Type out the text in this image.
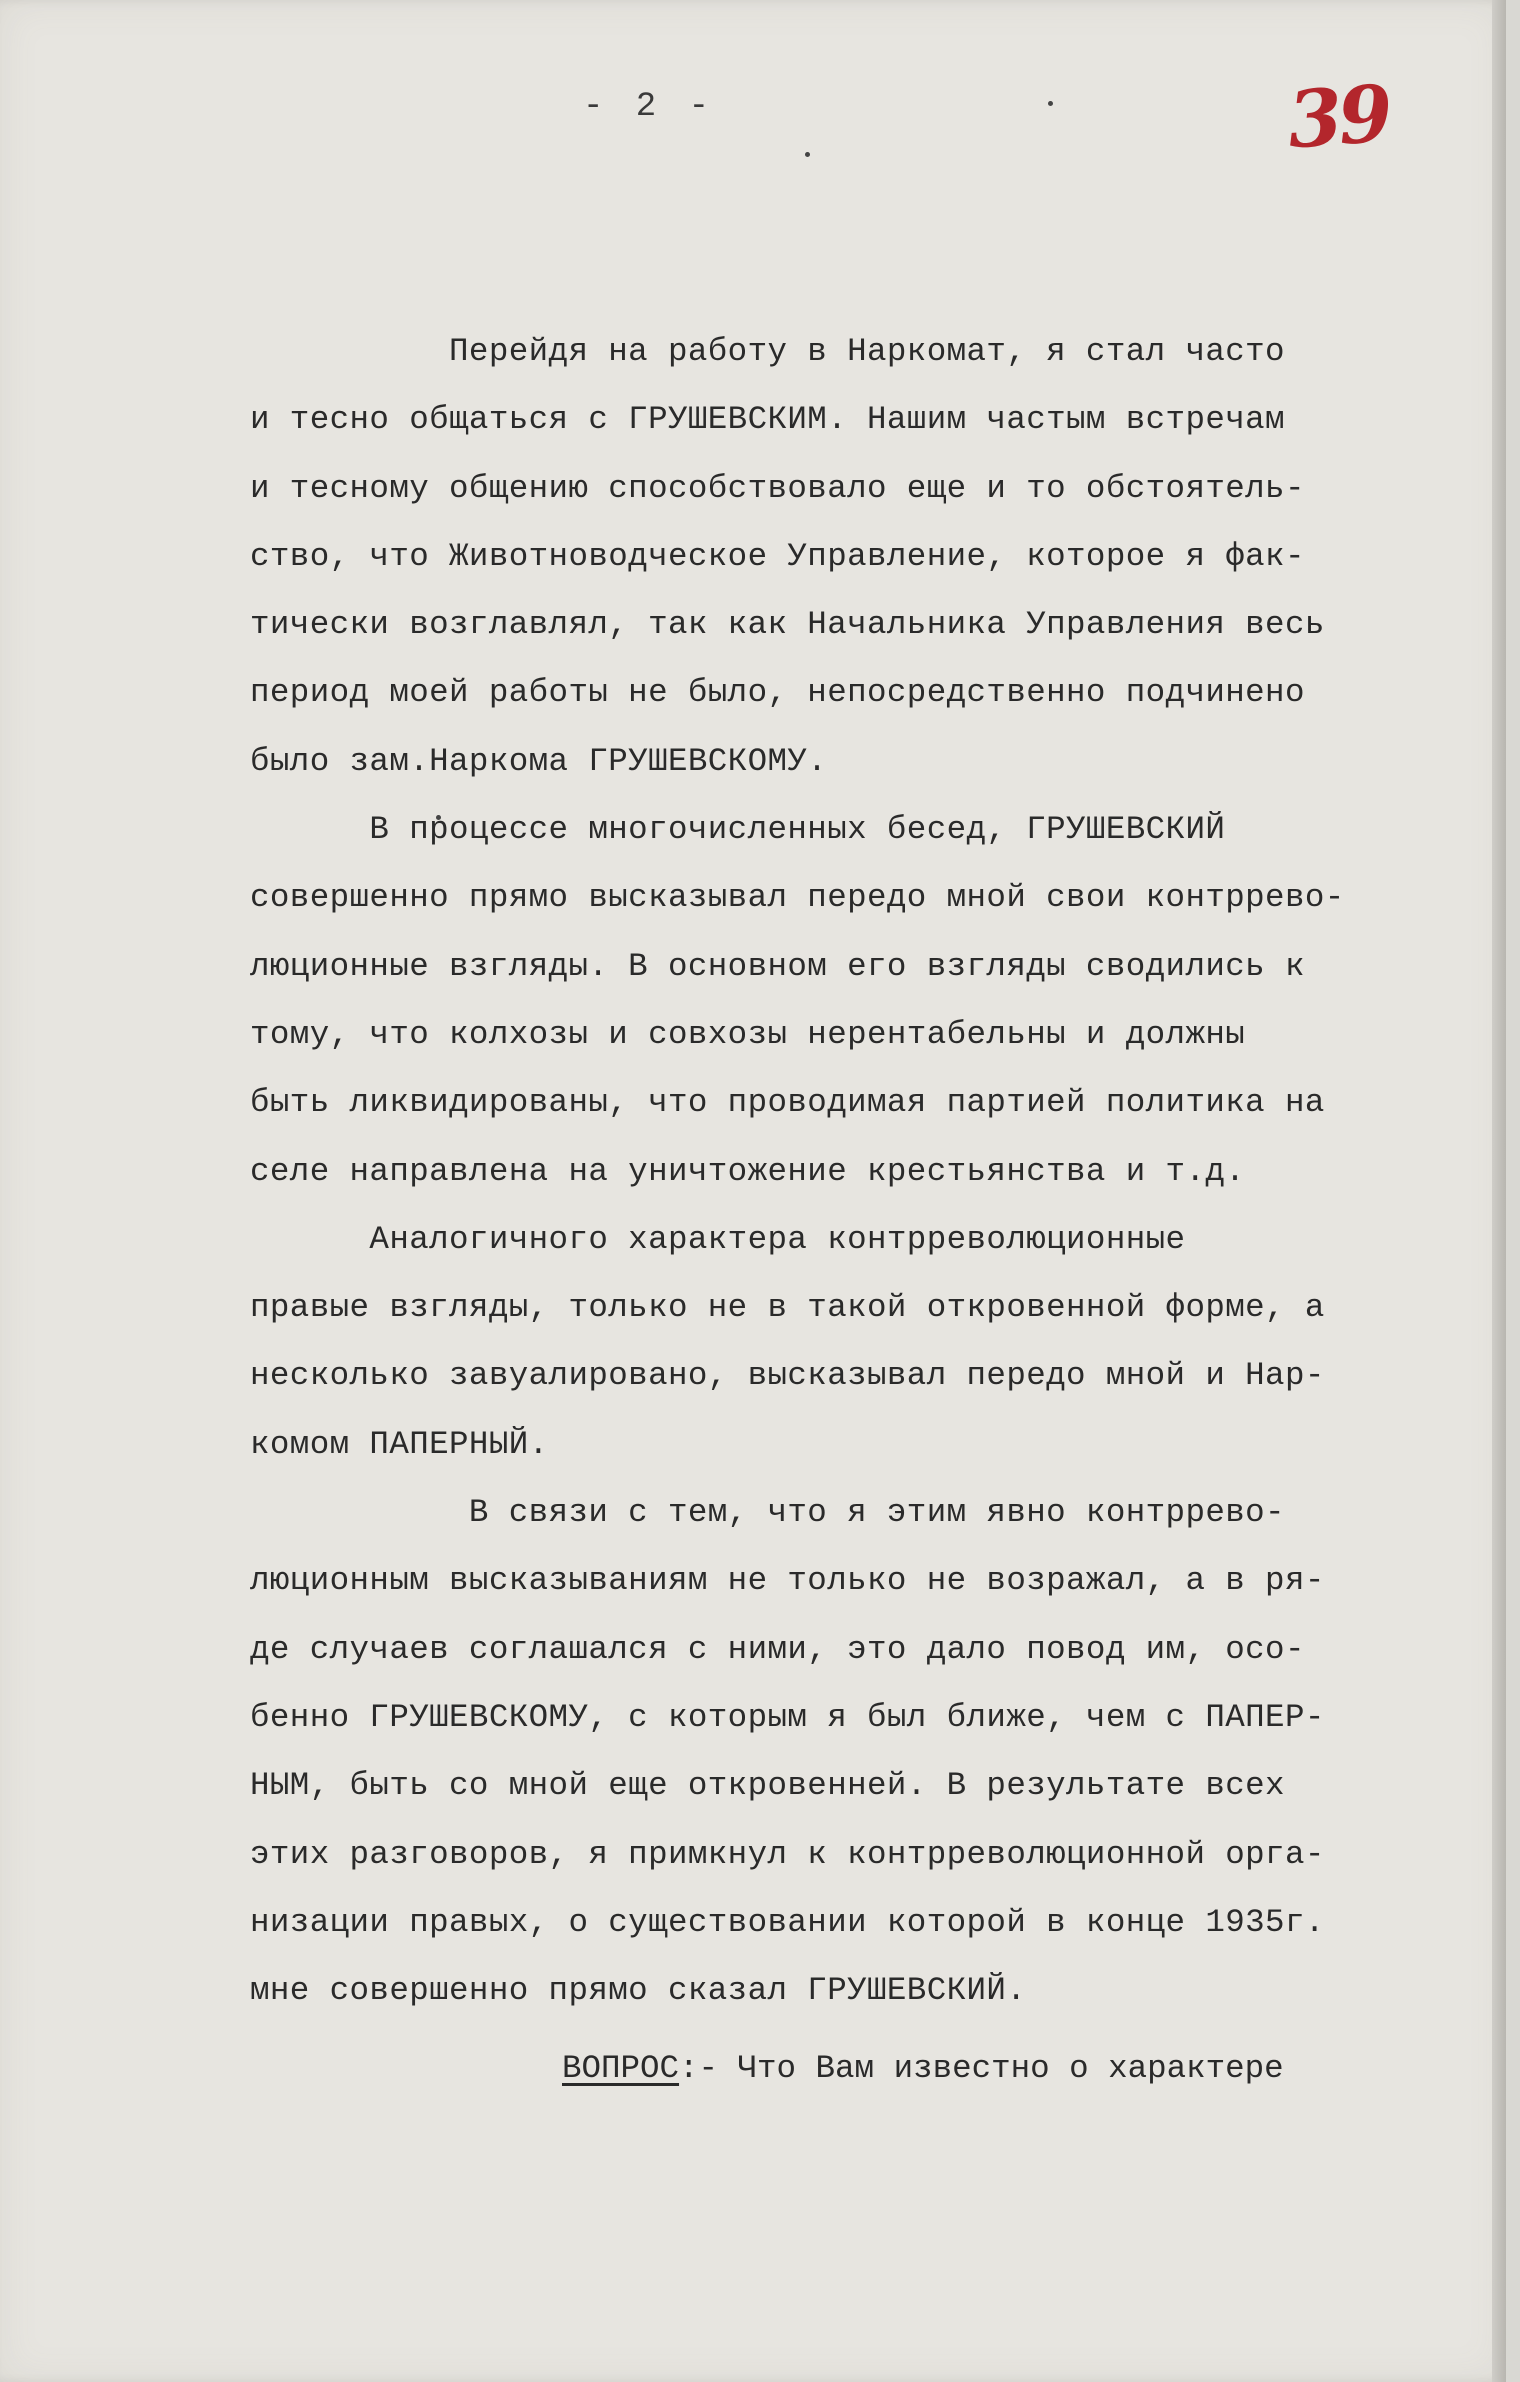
- 2 -	39
Перейдя на работу в Наркомат, я стал часто
и тесно общаться с ГРУШЕВСКИМ. Нашим частым встречам
и тесному общению способствовало еще и то обстоятель-
ство, что Животноводческое Управление, которое я фак-
тически возглавлял, так как Начальника Управления весь
период моей работы не было, непосредственно подчинено
было зам.Наркома ГРУШЕВСКОМУ.
В процессе многочисленных бесед, ГРУШЕВСКИЙ
совершенно прямо высказывал передо мной свои контррево-
люционные взгляды. В основном его взгляды сводились к
тому, что колхозы и совхозы нерентабельны и должны
быть ликвидированы, что проводимая партией политика на
селе направлена на уничтожение крестьянства и т.д.
Аналогичного характера контрреволюционные
правые взгляды, только не в такой откровенной форме, а
несколько завуалировано, высказывал передо мной и Нар-
комом ПАПЕРНЫЙ.
В связи с тем, что я этим явно контррево-
люционным высказываниям не только не возражал, а в ря-
де случаев соглашался с ними, это дало повод им, осо-
бенно ГРУШЕВСКОМУ, с которым я был ближе, чем с ПАПЕР-
НЫМ, быть со мной еще откровенней. В результате всех
этих разговоров, я примкнул к контрреволюционной орга-
низации правых, о существовании которой в конце 1935г.
мне совершенно прямо сказал ГРУШЕВСКИЙ.
ВОПРОС:- Что Вам известно о характере
